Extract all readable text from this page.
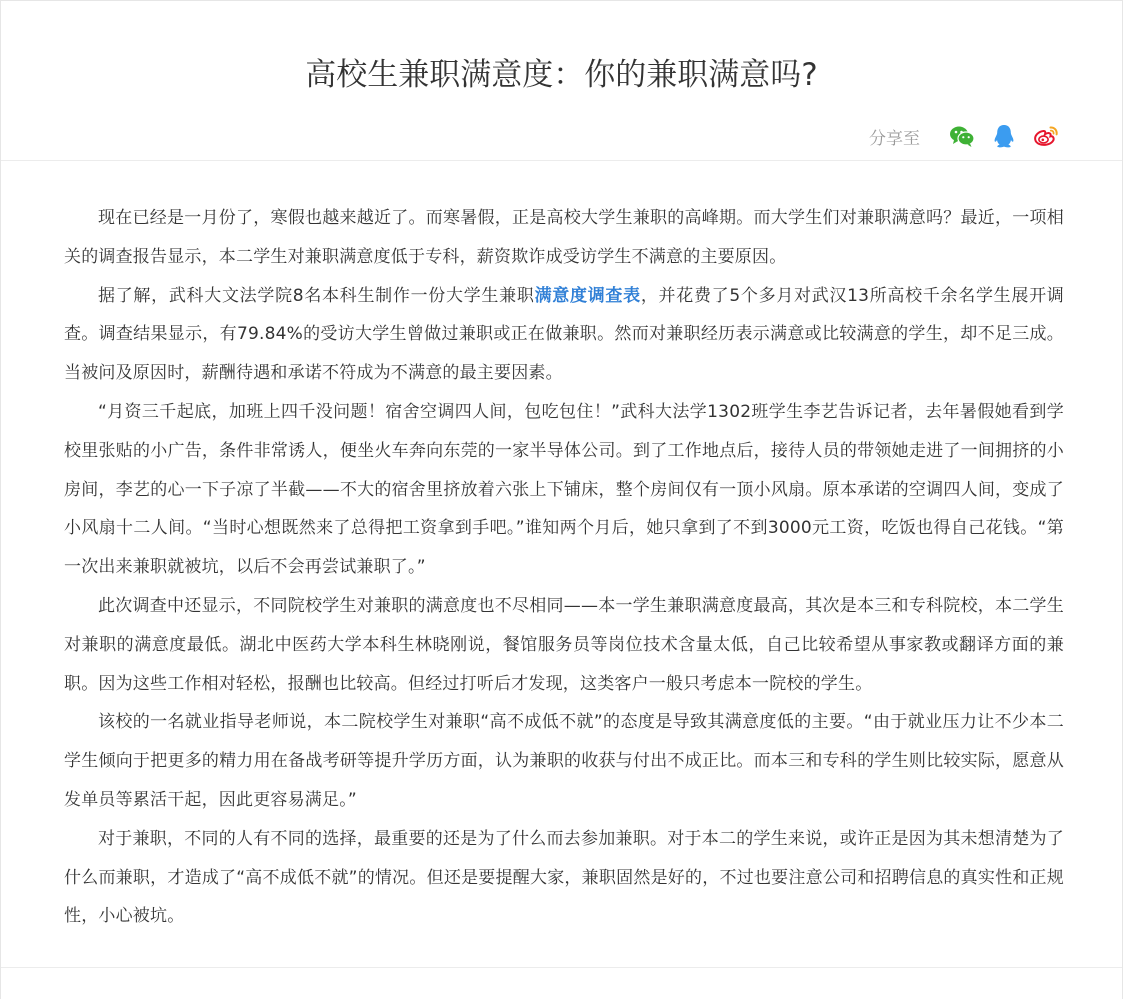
高校生兼职满意度：你的兼职满意吗?
分享至

现在已经是一月份了，寒假也越来越近了。而寒暑假，正是高校大学生兼职的高峰期。而大学生们对兼职满意吗？最近，一项相关的调查报告显示，本二学生对兼职满意度低于专科，薪资欺诈成受访学生不满意的主要原因。

据了解，武科大文法学院8名本科生制作一份大学生兼职满意度调查表，并花费了5个多月对武汉13所高校千余名学生展开调查。调查结果显示，有79.84%的受访大学生曾做过兼职或正在做兼职。然而对兼职经历表示满意或比较满意的学生，却不足三成。当被问及原因时，薪酬待遇和承诺不符成为不满意的最主要因素。

“月资三千起底，加班上四千没问题！宿舍空调四人间，包吃包住！”武科大法学1302班学生李艺告诉记者，去年暑假她看到学校里张贴的小广告，条件非常诱人，便坐火车奔向东莞的一家半导体公司。到了工作地点后，接待人员的带领她走进了一间拥挤的小房间，李艺的心一下子凉了半截——不大的宿舍里挤放着六张上下铺床，整个房间仅有一顶小风扇。原本承诺的空调四人间，变成了小风扇十二人间。“当时心想既然来了总得把工资拿到手吧。”谁知两个月后，她只拿到了不到3000元工资，吃饭也得自己花钱。“第一次出来兼职就被坑，以后不会再尝试兼职了。”

此次调查中还显示，不同院校学生对兼职的满意度也不尽相同——本一学生兼职满意度最高，其次是本三和专科院校，本二学生对兼职的满意度最低。湖北中医药大学本科生林晓刚说，餐馆服务员等岗位技术含量太低，自己比较希望从事家教或翻译方面的兼职。因为这些工作相对轻松，报酬也比较高。但经过打听后才发现，这类客户一般只考虑本一院校的学生。

该校的一名就业指导老师说，本二院校学生对兼职“高不成低不就”的态度是导致其满意度低的主要。“由于就业压力让不少本二学生倾向于把更多的精力用在备战考研等提升学历方面，认为兼职的收获与付出不成正比。而本三和专科的学生则比较实际，愿意从发单员等累活干起，因此更容易满足。”

对于兼职，不同的人有不同的选择，最重要的还是为了什么而去参加兼职。对于本二的学生来说，或许正是因为其未想清楚为了什么而兼职，才造成了“高不成低不就”的情况。但还是要提醒大家，兼职固然是好的，不过也要注意公司和招聘信息的真实性和正规性，小心被坑。
